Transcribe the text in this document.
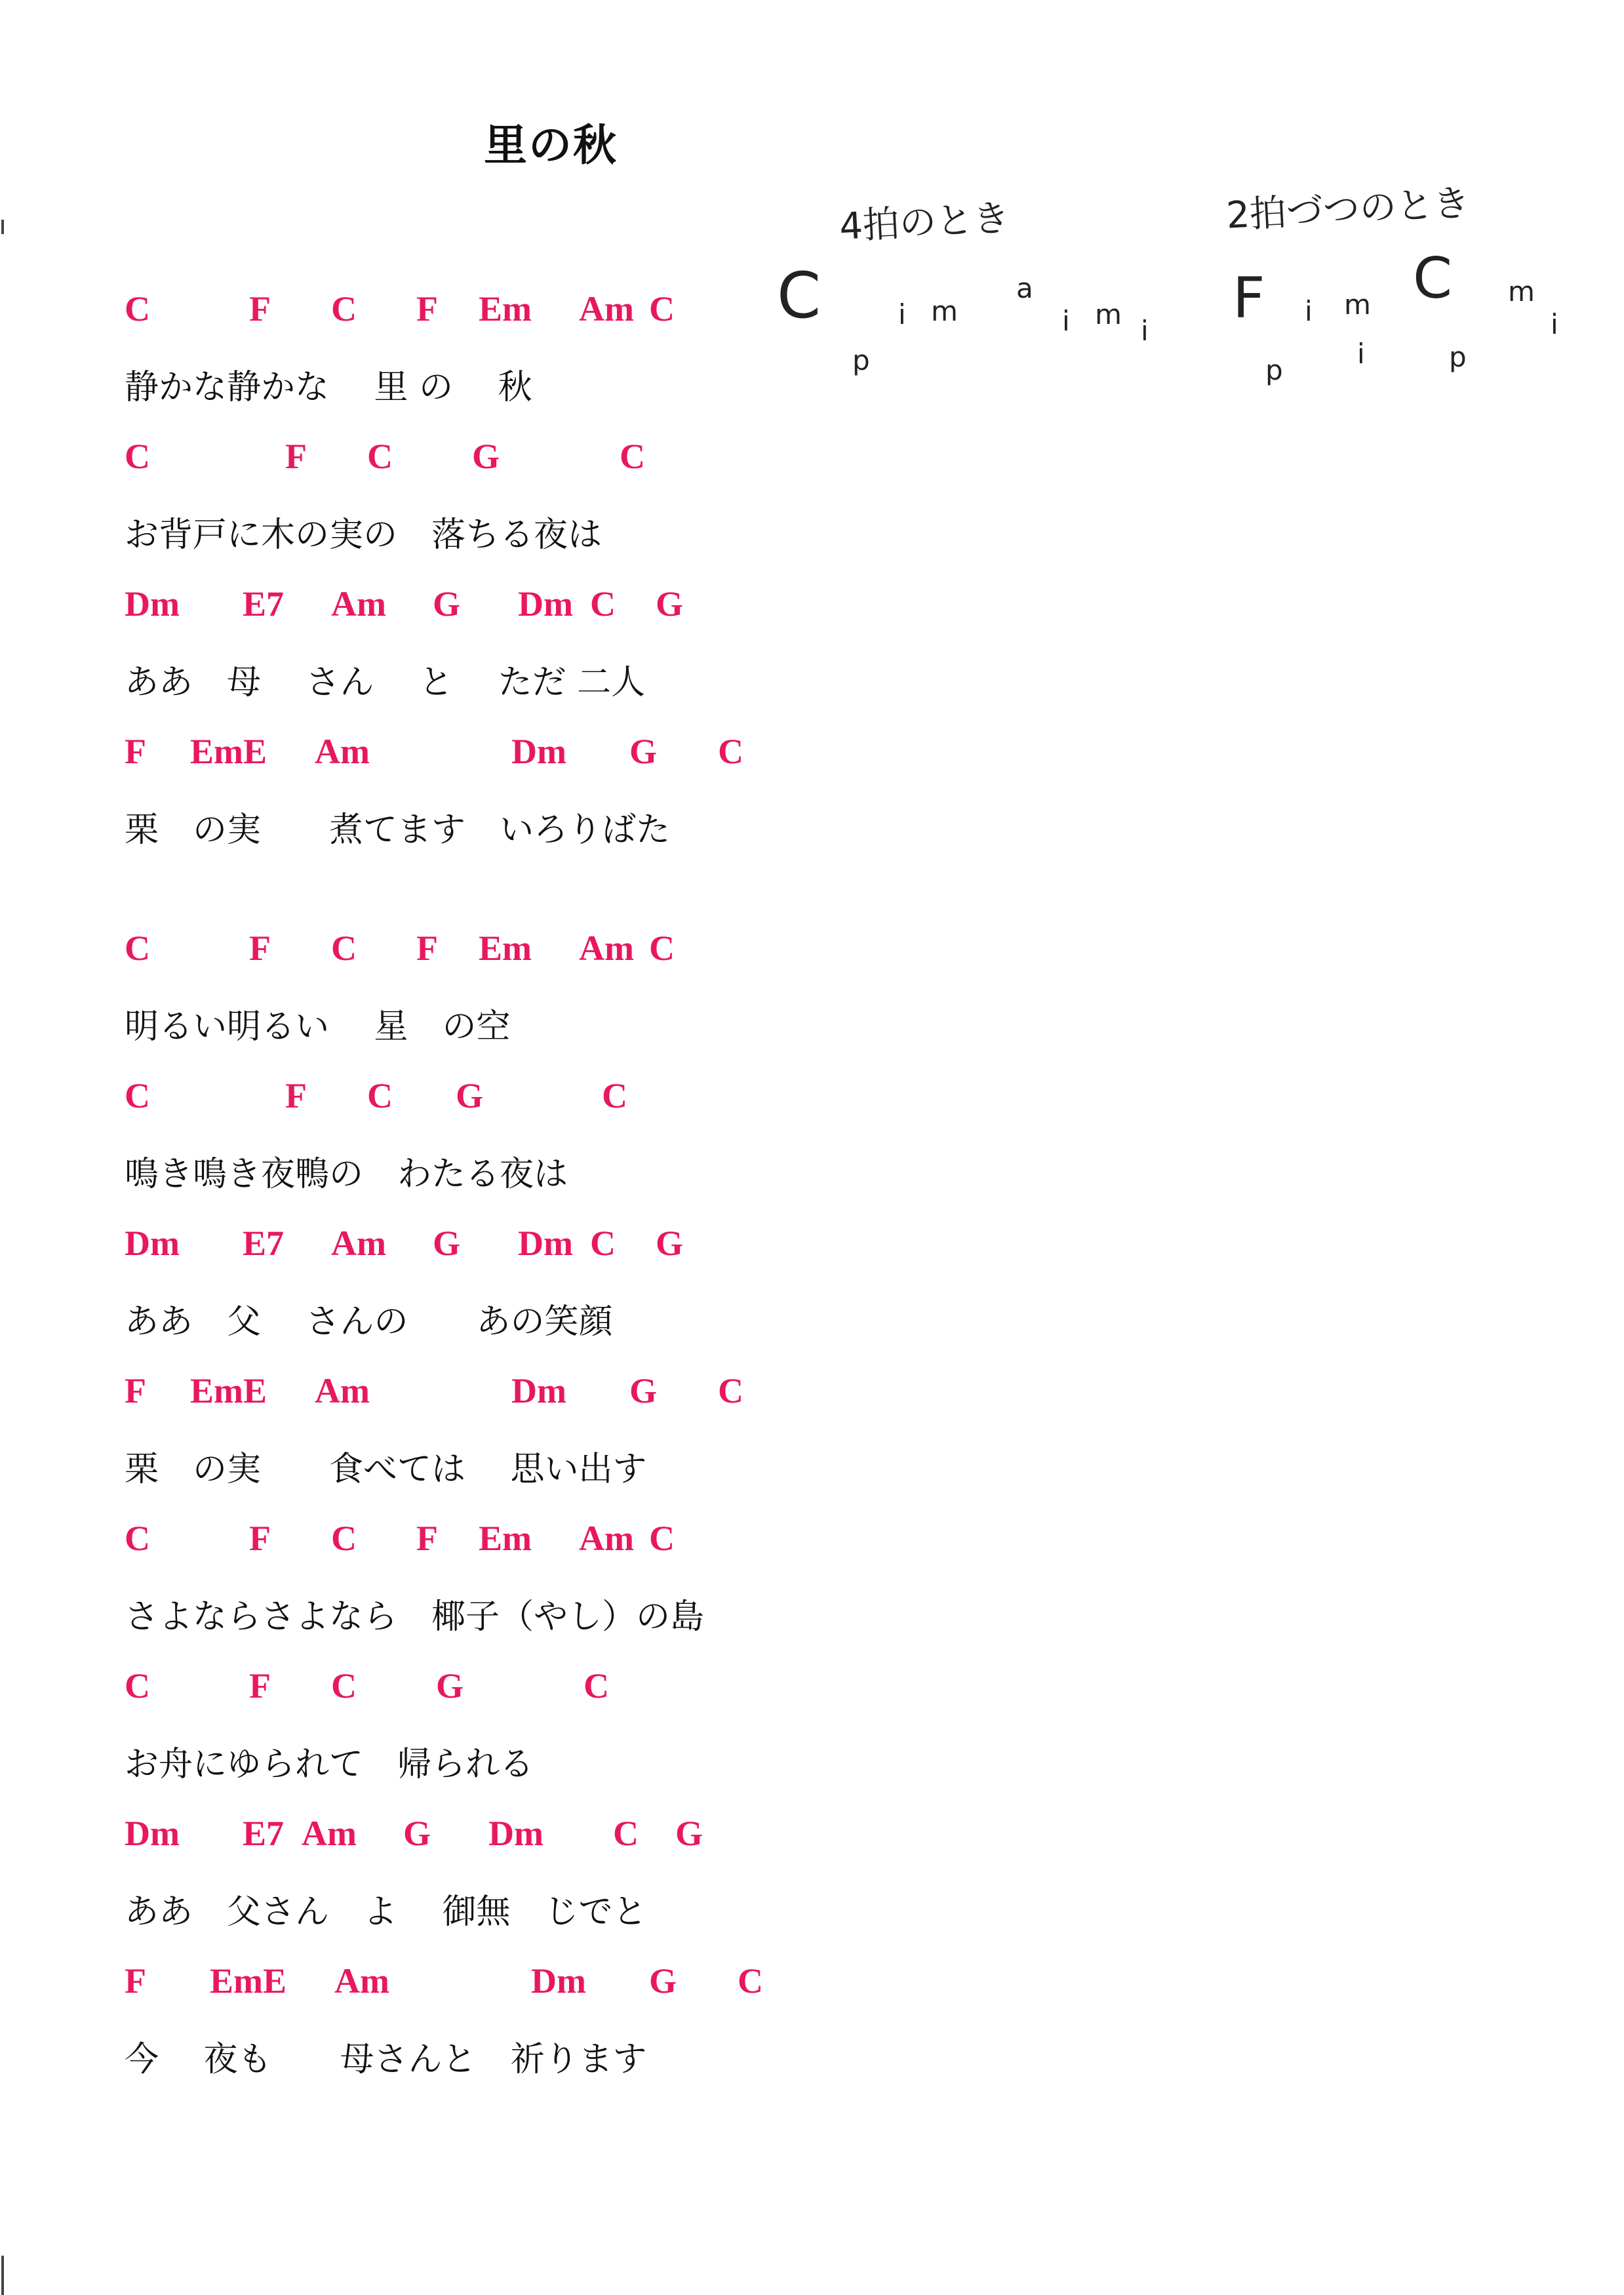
里の秋
4拍のとき	2拍づつのとき
C
p
i m
a
i m
i F
p
i m
i
C
p
m
i
C	F C F Em Am C

静かな静かな　 里 の 　秋

C	F C G	C

お背戸に木の実の　落ちる夜は

Dm E7 Am G Dm C G

ああ　母　 さん　 と　 ただ 二人

F EmE Am	Dm G C

栗　の実　　煮てます　いろりばた

C	F C F Em Am C

明るい明るい　 星　の空

C	F C G	C

鳴き鳴き夜鴨の　わたる夜は

Dm E7 Am G Dm C G

ああ　父　 さんの　　あの笑顔

F EmE Am	Dm G C

栗　の実　　食べては　 思い出す

C	F C F Em Am C

さよならさよなら　椰子（やし）の島

C	F C G	C

お舟にゆられて　帰られる

Dm E7 Am G Dm C G

ああ　父さん　よ　 御無　じでと

F EmE Am	Dm G C

今　 夜も　　母さんと　祈ります
